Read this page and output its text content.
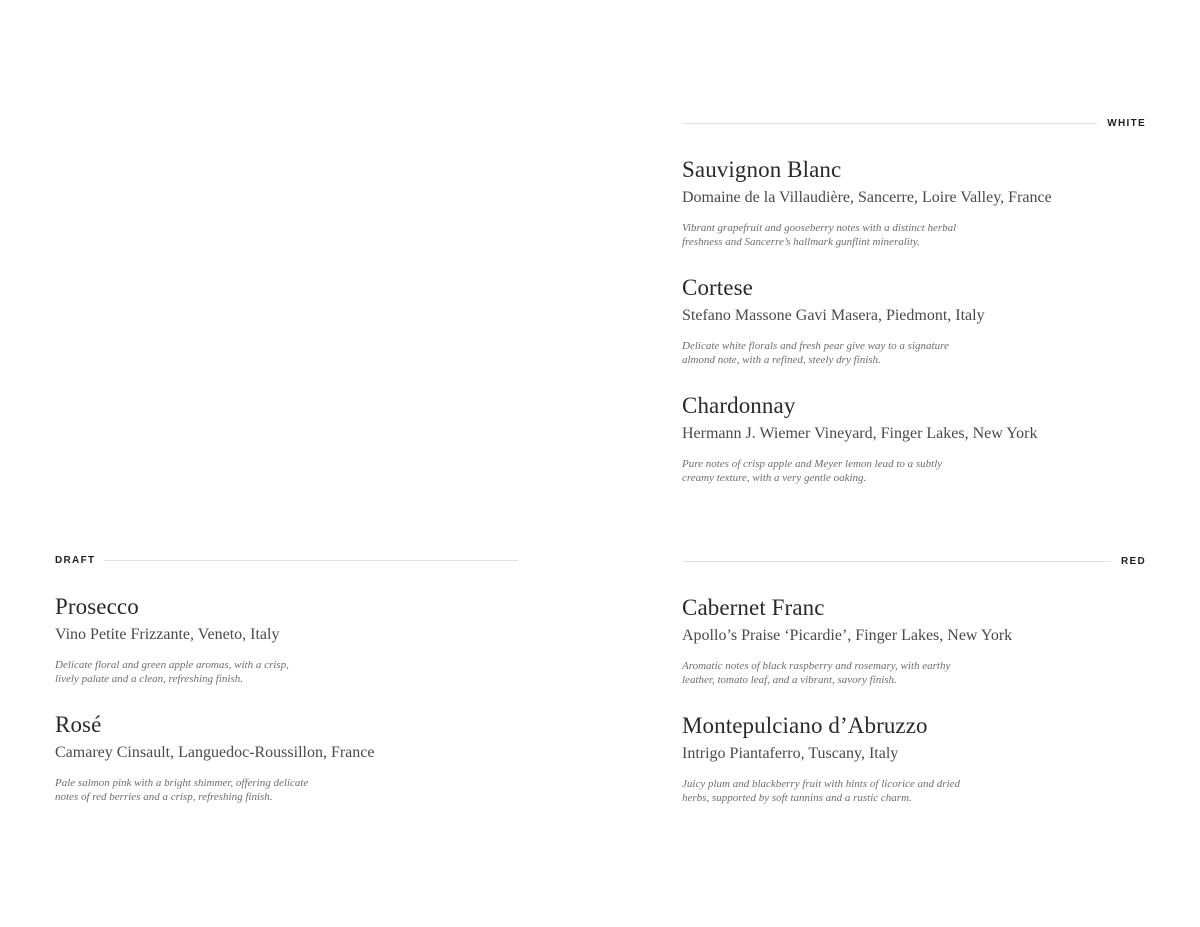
WHITE
Sauvignon Blanc
Domaine de la Villaudière, Sancerre, Loire Valley, France
Vibrant grapefruit and gooseberry notes with a distinct herbal
freshness and Sancerre’s hallmark gunflint minerality.
Cortese
Stefano Massone Gavi Masera, Piedmont, Italy
Delicate white florals and fresh pear give way to a signature
almond note, with a refined, steely dry finish.
Chardonnay
Hermann J. Wiemer Vineyard, Finger Lakes, New York
Pure notes of crisp apple and Meyer lemon lead to a subtly
creamy texture, with a very gentle oaking.
DRAFT
Prosecco
Vino Petite Frizzante, Veneto, Italy
Delicate floral and green apple aromas, with a crisp,
lively palate and a clean, refreshing finish.
Rosé
Camarey Cinsault, Languedoc-Roussillon, France
Pale salmon pink with a bright shimmer, offering delicate
notes of red berries and a crisp, refreshing finish.
RED
Cabernet Franc
Apollo’s Praise ‘Picardie’, Finger Lakes, New York
Aromatic notes of black raspberry and rosemary, with earthy
leather, tomato leaf, and a vibrant, savory finish.
Montepulciano d’Abruzzo
Intrigo Piantaferro, Tuscany, Italy
Juicy plum and blackberry fruit with hints of licorice and dried
herbs, supported by soft tannins and a rustic charm.
